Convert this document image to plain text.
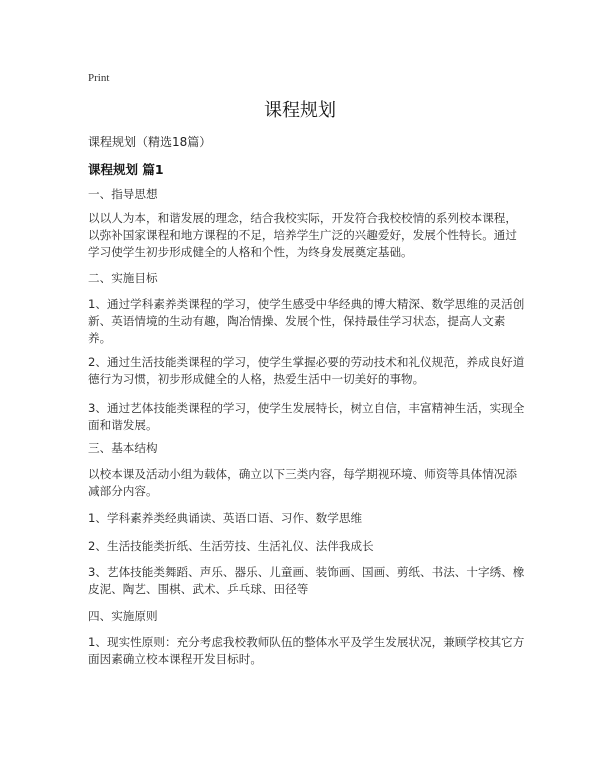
Print
课程规划
课程规划（精选18篇）
课程规划 篇1
一、指导思想
以以人为本，和谐发展的理念，结合我校实际，开发符合我校校情的系列校本课程，以弥补国家课程和地方课程的不足，培养学生广泛的兴趣爱好，发展个性特长。通过学习使学生初步形成健全的人格和个性，为终身发展奠定基础。
二、实施目标
1、通过学科素养类课程的学习，使学生感受中华经典的博大精深、数学思维的灵活创新、英语情境的生动有趣，陶冶情操、发展个性，保持最佳学习状态，提高人文素养。
2、通过生活技能类课程的学习，使学生掌握必要的劳动技术和礼仪规范，养成良好道德行为习惯，初步形成健全的人格，热爱生活中一切美好的事物。
3、通过艺体技能类课程的学习，使学生发展特长，树立自信，丰富精神生活，实现全面和谐发展。
三、基本结构
以校本课及活动小组为载体，确立以下三类内容，每学期视环境、师资等具体情况添减部分内容。
1、学科素养类经典诵读、英语口语、习作、数学思维
2、生活技能类折纸、生活劳技、生活礼仪、法伴我成长
3、艺体技能类舞蹈、声乐、器乐、儿童画、装饰画、国画、剪纸、书法、十字绣、橡皮泥、陶艺、围棋、武术、乒乓球、田径等
四、实施原则
1、现实性原则：充分考虑我校教师队伍的整体水平及学生发展状况，兼顾学校其它方面因素确立校本课程开发目标时。
